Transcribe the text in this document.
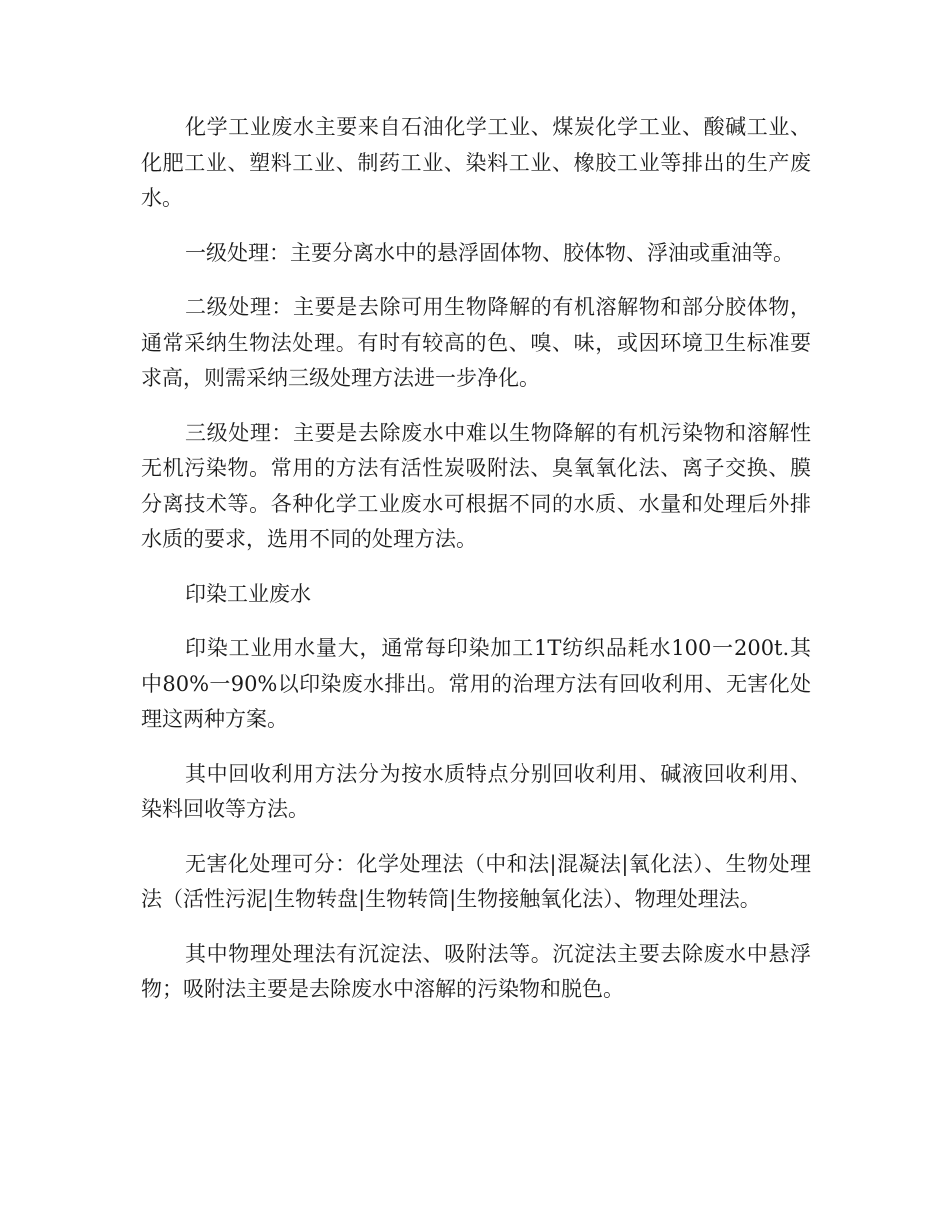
化学工业废水主要来自石油化学工业、煤炭化学工业、酸碱工业、化肥工业、塑料工业、制药工业、染料工业、橡胶工业等排出的生产废水。

一级处理：主要分离水中的悬浮固体物、胶体物、浮油或重油等。

二级处理：主要是去除可用生物降解的有机溶解物和部分胶体物，通常采纳生物法处理。有时有较高的色、嗅、味，或因环境卫生标准要求高，则需采纳三级处理方法进一步净化。

三级处理：主要是去除废水中难以生物降解的有机污染物和溶解性无机污染物。常用的方法有活性炭吸附法、臭氧氧化法、离子交换、膜分离技术等。各种化学工业废水可根据不同的水质、水量和处理后外排水质的要求，选用不同的处理方法。

印染工业废水

印染工业用水量大，通常每印染加工1T纺织品耗水100一200t.其中80%一90%以印染废水排出。常用的治理方法有回收利用、无害化处理这两种方案。

其中回收利用方法分为按水质特点分别回收利用、碱液回收利用、染料回收等方法。

无害化处理可分：化学处理法（中和法|混凝法|氧化法）、生物处理法（活性污泥|生物转盘|生物转筒|生物接触氧化法）、物理处理法。

其中物理处理法有沉淀法、吸附法等。沉淀法主要去除废水中悬浮物；吸附法主要是去除废水中溶解的污染物和脱色。
